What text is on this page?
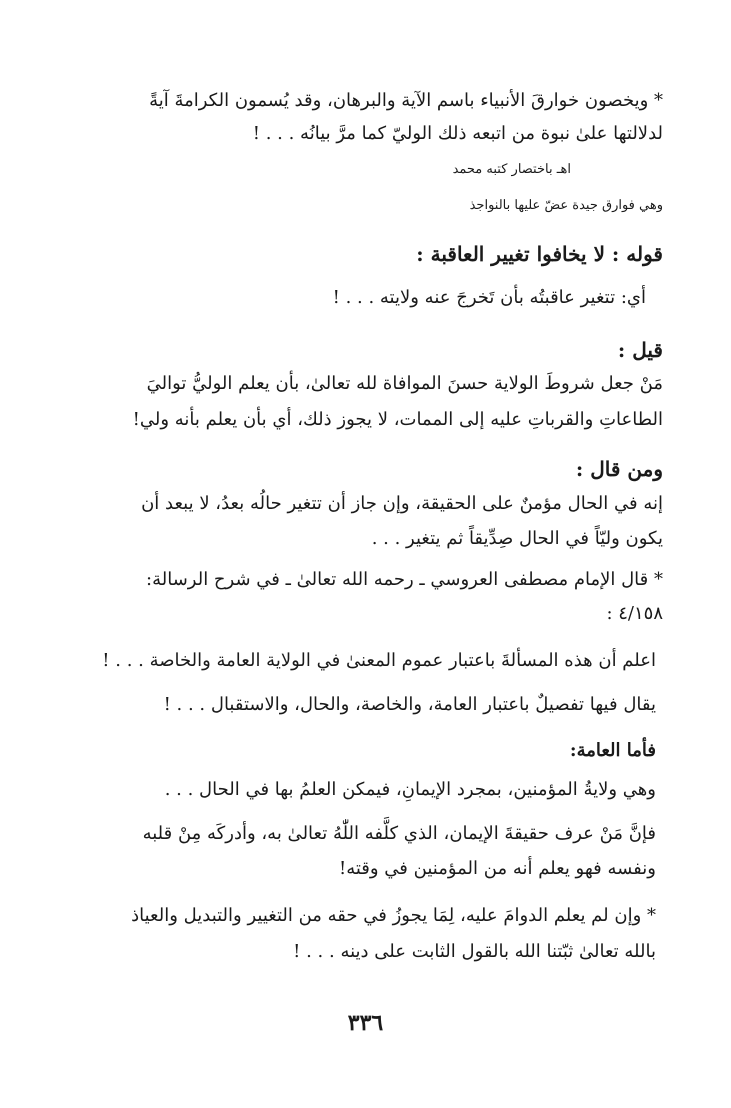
* ويخصون خوارقَ الأنبياء باسم الآية والبرهان، وقد يُسمون الكرامةَ آيةً
لدلالتها علىٰ نبوة من اتبعه ذلك الوليّ كما مرَّ بيانُه . . . !
اهـ باختصار كتبه محمد
وهي فوارق جيدة عضّ عليها بالنواجذ
قوله : لا يخافوا تغيير العاقبة :
أي: تتغير عاقبتُه بأن تَخرجَ عنه ولايته . . . !
قيل :
مَنْ جعل شروطَ الولاية حسنَ الموافاة لله تعالىٰ، بأن يعلم الوليُّ تواليَ
الطاعاتِ والقرباتِ عليه إلى الممات، لا يجوز ذلك، أي بأن يعلم بأنه ولي!
ومن قال :
إنه في الحال مؤمنٌ على الحقيقة، وإن جاز أن تتغير حالُه بعدُ، لا يبعد أن
يكون وليّاً في الحال صِدِّيقاً ثم يتغير . . .
* قال الإمام مصطفى العروسي ـ رحمه الله تعالىٰ ـ في شرح الرسالة:
٤/١٥٨ :
اعلم أن هذه المسألةَ باعتبار عموم المعنىٰ في الولاية العامة والخاصة . . . !
يقال فيها تفصيلٌ باعتبار العامة، والخاصة، والحال، والاستقبال . . . !
فأما العامة:
وهي ولايةُ المؤمنين، بمجرد الإيمانِ، فيمكن العلمُ بها في الحال . . .
فإنَّ مَنْ عرف حقيقةَ الإيمان، الذي كلَّفه اللّٰهُ تعالىٰ به، وأدركَه مِنْ قلبه
ونفسه فهو يعلم أنه من المؤمنين في وقته!
* وإن لم يعلم الدوامَ عليه، لِمَا يجوزُ في حقه من التغيير والتبديل والعياذ
بالله تعالىٰ ثبّتنا الله بالقول الثابت على دينه . . . !
٣٣٦
